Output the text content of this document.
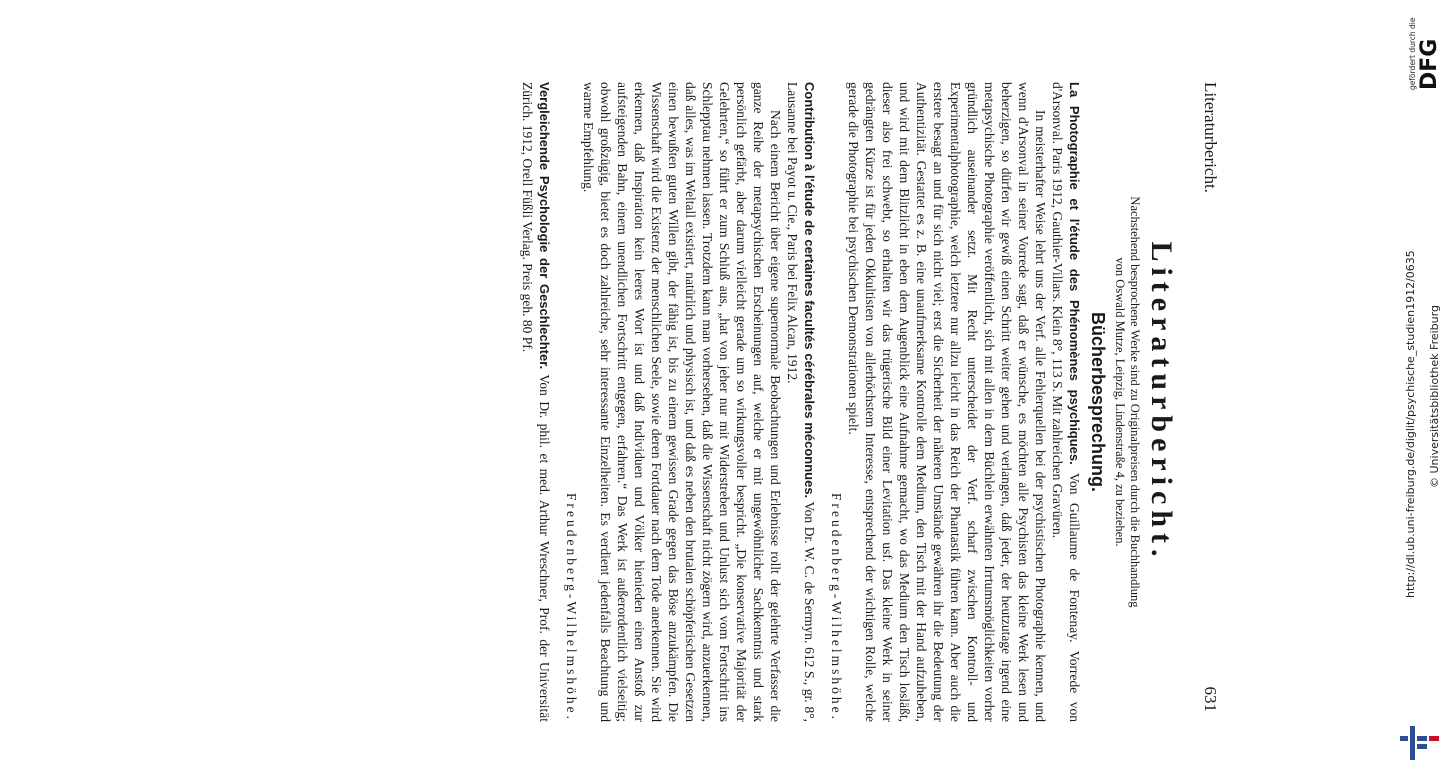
Literaturbericht.
631
Literaturbericht.
Nachstehend besprochene Werke sind zu Originalpreisen durch die Buchhandlung
von Oswald Mutze, Leipzig, Lindenstraße 4, zu beziehen.
Bücherbesprechung.

La Photographie et l'étude des Phénomènes psychiques. Von Guillaume de Fontenay. Vorrede von d'Arsonval. Paris 1912, Gauthier-Villars. Klein 8°, 113 S. Mit zahlreichen Gravüren.

In meisterhafter Weise lehrt uns der Verf. alle Fehlerquellen bei der psychistischen Photographie kennen, und wenn d'Arsonval in seiner Vorrede sagt, daß er wünsche, es möchten alle Psychisten das kleine Werk lesen und beherzigen, so dürfen wir gewiß einen Schritt weiter gehen und verlangen, daß jeder, der heutzutage irgend eine metapsychische Photographie veröffentlicht, sich mit allen in dem Büchlein erwähnten Irrtumsmöglichkeiten vorher gründlich auseinander setzt. Mit Recht unterscheidet der Verf. scharf zwischen Kontroll- und Experimentalphotographie, welch letztere nur allzu leicht in das Reich der Phantastik führen kann. Aber auch die erstere besagt an und für sich nicht viel; erst die Sicherheit der näheren Umstände gewähren ihr die Bedeutung der Authentizität. Gestattet es z. B. eine unaufmerksame Kontrolle dem Medium, den Tisch mit der Hand aufzuheben, und wird mit dem Blitzlicht in eben dem Augenblick eine Aufnahme gemacht, wo das Medium den Tisch losläßt, dieser also frei schwebt, so erhalten wir das trügerische Bild einer Levitation usf. Das kleine Werk in seiner gedrängten Kürze ist für jeden Okkultisten von allerhöchstem Interesse, entsprechend der wichtigen Rolle, welche gerade die Photographie bei psychischen Demonstrationen spielt.

Freudenberg-Wilhelmshöhe.

Contribution à l'étude de certaines facultés cérébrales méconnues. Von Dr. W. C. de Sermyn. 612 S., gr. 8°, Lausanne bei Payot u. Cie., Paris bei Felix Alcan, 1912.

Nach einem Bericht über eigene supernormale Beobachtungen und Erlebnisse rollt der gelehrte Verfasser die ganze Reihe der metapsychischen Erscheinungen auf, welche er mit ungewöhnlicher Sachkenntnis und stark persönlich gefärbt, aber darum vielleicht gerade um so wirkungsvoller bespricht. „Die konservative Majorität der Gelehrten,“ so führt er zum Schluß aus, „hat von jeher nur mit Widerstreben und Unlust sich vom Fortschritt ins Schlepptau nehmen lassen. Trotzdem kann man vorhersehen, daß die Wissenschaft nicht zögern wird, anzuerkennen, daß alles, was im Weltall existiert, natürlich und physisch ist, und daß es neben den brutalen schöpferischen Gesetzen einen bewußten guten Willen gibt, der fähig ist, bis zu einem gewissen Grade gegen das Böse anzukämpfen. Die Wissenschaft wird die Existenz der menschlichen Seele, sowie deren Fortdauer nach dem Tode anerkennen. Sie wird erkennen, daß Inspiration kein leeres Wort ist und daß Individuen und Völker hienieden einen Anstoß zur aufsteigenden Bahn, einem unendlichen Fortschritt entgegen, erfahren.“ Das Werk ist außerordentlich vielseitig; obwohl großzügig, bietet es doch zahlreiche, sehr interessante Einzelheiten. Es verdient jedenfalls Beachtung und warme Empfehlung.

Freudenberg-Wilhelmshöhe.

Vergleichende Psychologie der Geschlechter. Von Dr. phil. et med. Arthur Wreschner, Prof. der Universität Zürich. 1912, Orell Füßli Verlag. Preis geh. 80 Pf.

gefördert durch die DFG
© Universitätsbibliothek Freiburg
http://dl.ub.uni-freiburg.de/diglit/psychische_studien1912/0635
